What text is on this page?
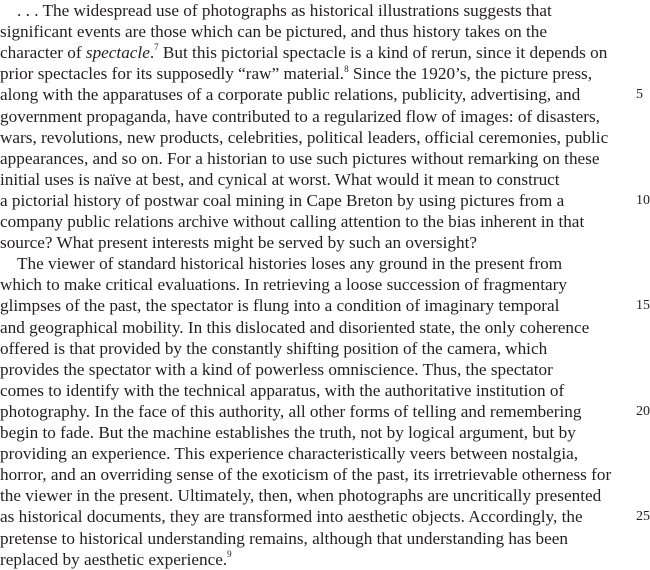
. . . The widespread use of photographs as historical illustrations suggests that
significant events are those which can be pictured, and thus history takes on the
character of spectacle.$^7$ But this pictorial spectacle is a kind of rerun, since it depends on
prior spectacles for its supposedly “raw” material.$^8$ Since the 1920’s, the picture press,
along with the apparatuses of a corporate public relations, publicity, advertising, and
government propaganda, have contributed to a regularized flow of images: of disasters,
wars, revolutions, new products, celebrities, political leaders, official ceremonies, public
appearances, and so on. For a historian to use such pictures without remarking on these
initial uses is naïve at best, and cynical at worst. What would it mean to construct
a pictorial history of postwar coal mining in Cape Breton by using pictures from a
company public relations archive without calling attention to the bias inherent in that
source? What present interests might be served by such an oversight?
The viewer of standard historical histories loses any ground in the present from
which to make critical evaluations. In retrieving a loose succession of fragmentary
glimpses of the past, the spectator is flung into a condition of imaginary temporal
and geographical mobility. In this dislocated and disoriented state, the only coherence
offered is that provided by the constantly shifting position of the camera, which
provides the spectator with a kind of powerless omniscience. Thus, the spectator
comes to identify with the technical apparatus, with the authoritative institution of
photography. In the face of this authority, all other forms of telling and remembering
begin to fade. But the machine establishes the truth, not by logical argument, but by
providing an experience. This experience characteristically veers between nostalgia,
horror, and an overriding sense of the exoticism of the past, its irretrievable otherness for
the viewer in the present. Ultimately, then, when photographs are uncritically presented
as historical documents, they are transformed into aesthetic objects. Accordingly, the
pretense to historical understanding remains, although that understanding has been
replaced by aesthetic experience.$^9$
5
10
15
20
25
